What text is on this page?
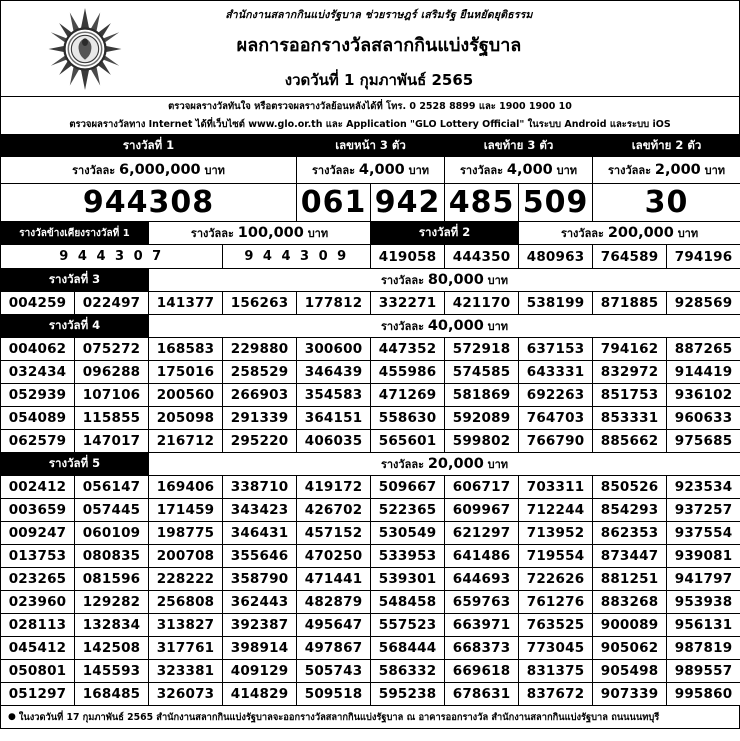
สำนักงานสลากกินแบ่งรัฐบาล ช่วยราษฎร์ เสริมรัฐ ยืนหยัดยุติธรรม
ผลการออกรางวัลสลากกินแบ่งรัฐบาล
งวดวันที่ 1 กุมภาพันธ์ 2565
ตรวจผลรางวัลทันใจ หรือตรวจผลรางวัลย้อนหลังได้ที่ โทร. 0 2528 8899 และ 1900 1900 10
ตรวจผลรางวัลทาง Internet ได้ที่เว็บไซต์ www.glo.or.th และ Application "GLO Lottery Official" ในระบบ Android และระบบ iOS
รางวัลที่ 1				เลขหน้า 3 ตัว		เลขท้าย 3 ตัว		เลขท้าย 2 ตัว	
รางวัลละ 6,000,000 บาท				รางวัลละ 4,000 บาท		รางวัลละ 4,000 บาท		รางวัลละ 2,000 บาท	
944308				061	942	485	509	30	
รางวัลข้างเคียงรางวัลที่ 1		รางวัลละ 100,000 บาท			รางวัลที่ 2		รางวัลละ 200,000 บาท		
9 4 4 3 0 7			9 4 4 3 0 9		419058	444350	480963	764589	794196
รางวัลที่ 3		รางวัลละ 80,000 บาท							
004259	022497	141377	156263	177812	332271	421170	538199	871885	928569
รางวัลที่ 4		รางวัลละ 40,000 บาท							
004062	075272	168583	229880	300600	447352	572918	637153	794162	887265
032434	096288	175016	258529	346439	455986	574585	643331	832972	914419
052939	107106	200560	266903	354583	471269	581869	692263	851753	936102
054089	115855	205098	291339	364151	558630	592089	764703	853331	960633
062579	147017	216712	295220	406035	565601	599802	766790	885662	975685
รางวัลที่ 5		รางวัลละ 20,000 บาท							
002412	056147	169406	338710	419172	509667	606717	703311	850526	923534
003659	057445	171459	343423	426702	522365	609967	712244	854293	937257
009247	060109	198775	346431	457152	530549	621297	713952	862353	937554
013753	080835	200708	355646	470250	533953	641486	719554	873447	939081
023265	081596	228222	358790	471441	539301	644693	722626	881251	941797
023960	129282	256808	362443	482879	548458	659763	761276	883268	953938
028113	132834	313827	392387	495647	557523	663971	763525	900089	956131
045412	142508	317761	398914	497867	568444	668373	773045	905062	987819
050801	145593	323381	409129	505743	586332	669618	831375	905498	989557
051297	168485	326073	414829	509518	595238	678631	837672	907339	995860
● ในงวดวันที่ 17 กุมภาพันธ์ 2565 สำนักงานสลากกินแบ่งรัฐบาลจะออกรางวัลสลากกินแบ่งรัฐบาล ณ อาคารออกรางวัล สำนักงานสลากกินแบ่งรัฐบาล ถนนนนทบุรี
